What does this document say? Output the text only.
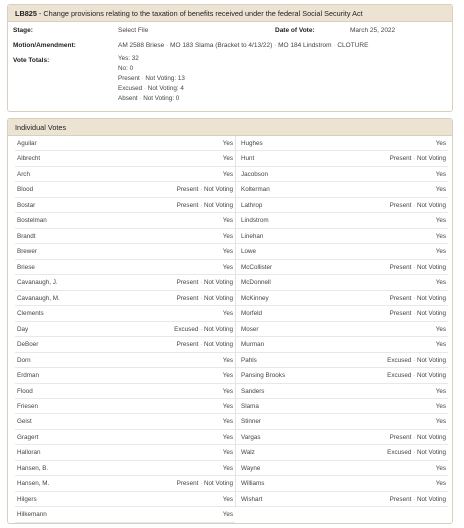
LB825 - Change provisions relating to the taxation of benefits received under the federal Social Security Act
Stage:	Select File	Date of Vote:	March 25, 2022
Motion/Amendment:	AM 2588 Briese · MO 183 Slama (Bracket to 4/13/22) · MO 184 Lindstrom · CLOTURE
Vote Totals:	Yes: 32
No: 0
Present · Not Voting: 13
Excused · Not Voting: 4
Absent · Not Voting: 0
Individual Votes
Aguilar	Yes
Albrecht	Yes
Arch	Yes
Blood	Present · Not Voting
Bostar	Present · Not Voting
Bostelman	Yes
Brandt	Yes
Brewer	Yes
Briese	Yes
Cavanaugh, J.	Present · Not Voting
Cavanaugh, M.	Present · Not Voting
Clements	Yes
Day	Excused · Not Voting
DeBoer	Present · Not Voting
Dorn	Yes
Erdman	Yes
Flood	Yes
Friesen	Yes
Geist	Yes
Gragert	Yes
Halloran	Yes
Hansen, B.	Yes
Hansen, M.	Present · Not Voting
Hilgers	Yes
Hilkemann	Yes
Hughes	Yes
Hunt	Present · Not Voting
Jacobson	Yes
Kolterman	Yes
Lathrop	Present · Not Voting
Lindstrom	Yes
Linehan	Yes
Lowe	Yes
McCollister	Present · Not Voting
McDonnell	Yes
McKinney	Present · Not Voting
Morfeld	Present · Not Voting
Moser	Yes
Murman	Yes
Pahls	Excused · Not Voting
Pansing Brooks	Excused · Not Voting
Sanders	Yes
Slama	Yes
Stinner	Yes
Vargas	Present · Not Voting
Walz	Excused · Not Voting
Wayne	Yes
Williams	Yes
Wishart	Present · Not Voting
